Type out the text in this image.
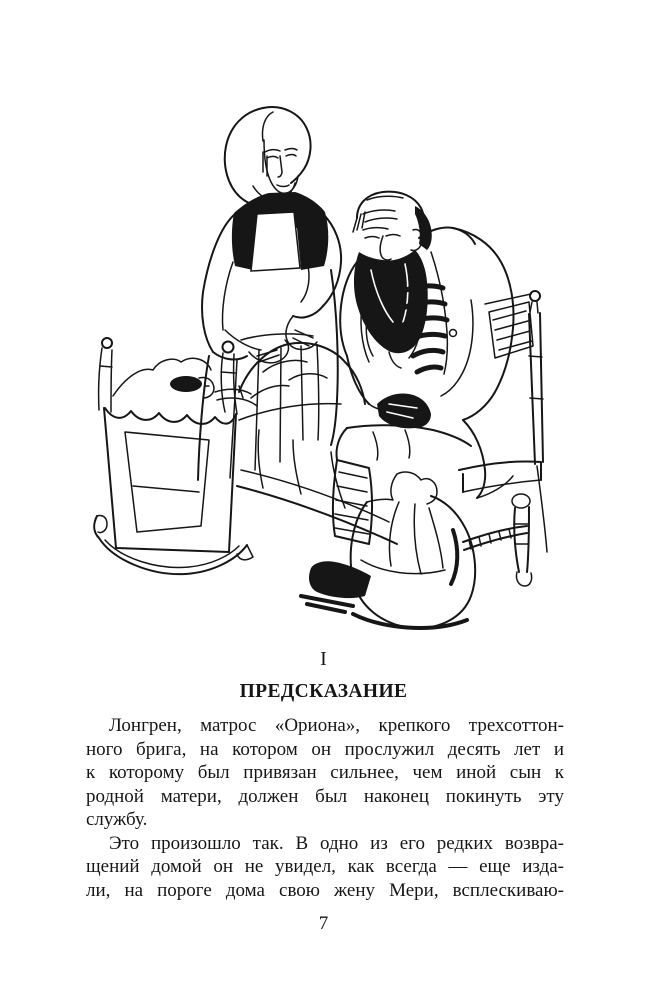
I
ПРЕДСКАЗАНИЕ
Лонгрен, матрос «Ориона», крепкого трехсоттон-
ного брига, на котором он прослужил десять лет и
к которому был привязан сильнее, чем иной сын к
родной матери, должен был наконец покинуть эту
службу.
Это произошло так. В одно из его редких возвра-
щений домой он не увидел, как всегда — еще изда-
ли, на пороге дома свою жену Мери, всплескиваю-
7
